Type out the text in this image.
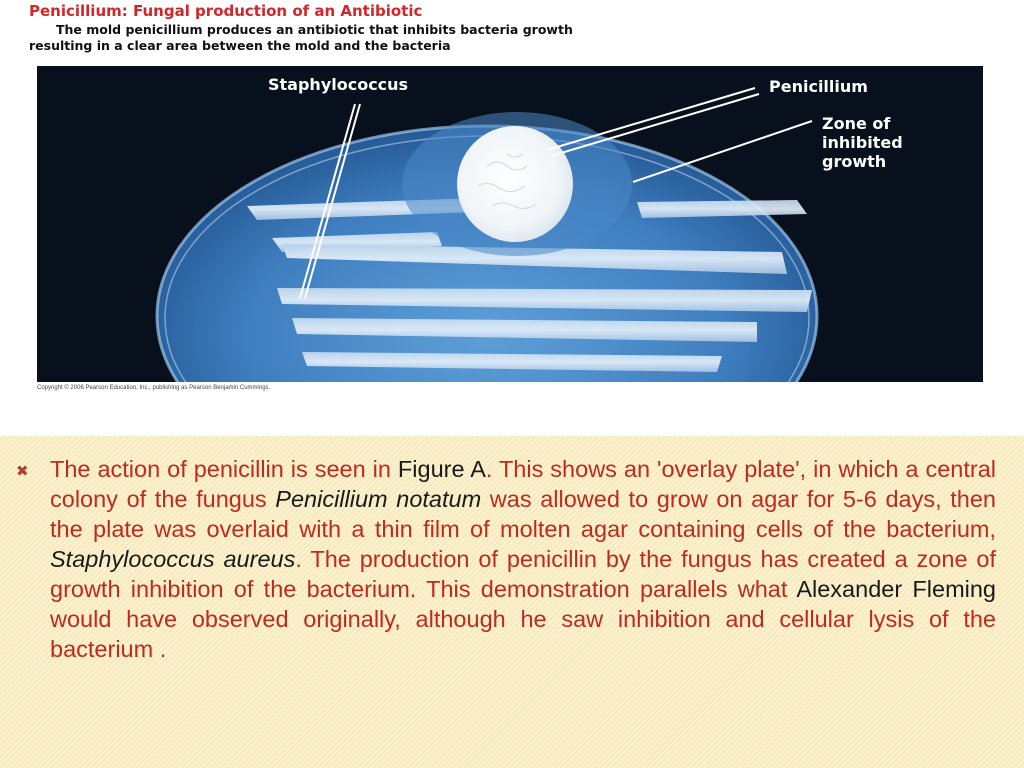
Penicillium: Fungal production of an Antibiotic
The mold penicillium produces an antibiotic that inhibits bacteria growth
resulting in a clear area between the mold and the bacteria
Staphylococcus	Penicillium
Zone of
inhibited
growth
Copyright © 2006 Pearson Education, Inc., publishing as Pearson Benjamin Cummings.
✖ The action of penicillin is seen in Figure A. This shows an 'overlay plate', in which a central colony of the fungus Penicillium notatum was allowed to grow on agar for 5-6 days, then the plate was overlaid with a thin film of molten agar containing cells of the bacterium, Staphylococcus aureus. The production of penicillin by the fungus has created a zone of growth inhibition of the bacterium. This demonstration parallels what Alexander Fleming would have observed originally, although he saw inhibition and cellular lysis of the bacterium .
